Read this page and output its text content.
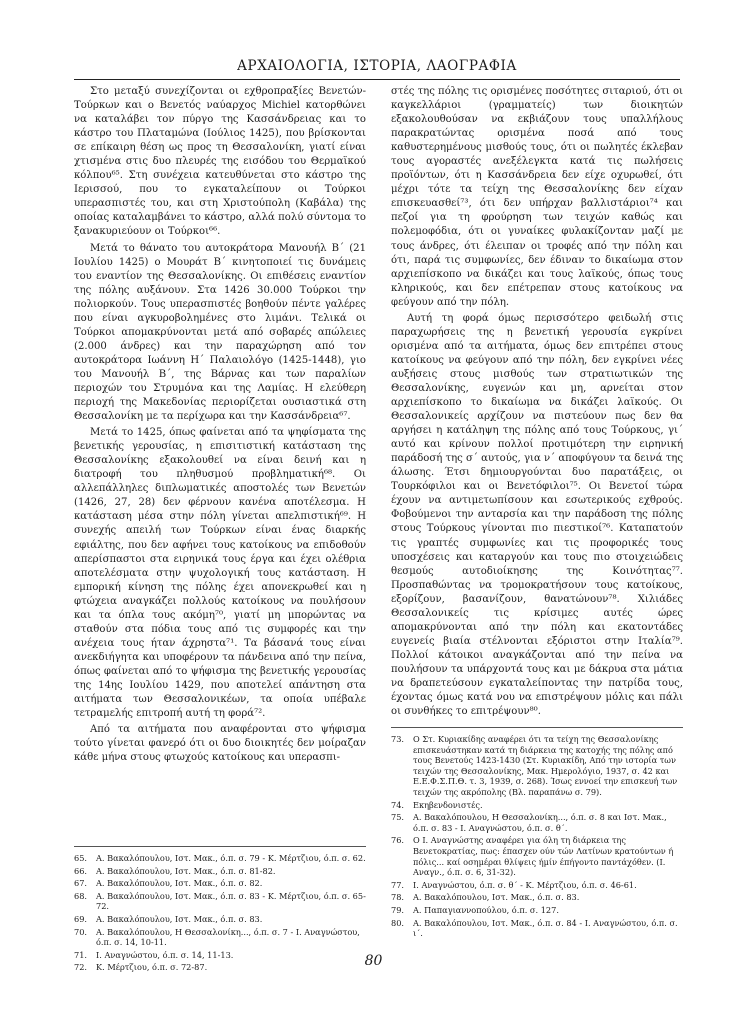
ΑΡΧΑΙΟΛΟΓΙΑ, ΙΣΤΟΡΙΑ, ΛΑΟΓΡΑΦΙΑ

Στο μεταξύ συνεχίζονται οι εχθροπραξίες Βενετών-Τούρκων και ο Βενετός ναύαρχος Michiel κατορθώνει να καταλάβει τον πύργο της Κασσάνδρειας και το κάστρο του Πλαταμώνα (Ιούλιος 1425), που βρίσκονται σε επίκαιρη θέση ως προς τη Θεσσαλονίκη, γιατί είναι χτισμένα στις δυο πλευρές της εισόδου του Θερμαϊκού κόλπου⁶⁵. Στη συνέχεια κατευθύνεται στο κάστρο της Ιερισσού, που το εγκαταλείπουν οι Τούρκοι υπερασπιστές του, και στη Χριστούπολη (Καβάλα) της οποίας καταλαμβάνει το κάστρο, αλλά πολύ σύντομα το ξανακυριεύουν οι Τούρκοι⁶⁶.

Μετά το θάνατο του αυτοκράτορα Μανουήλ Β΄ (21 Ιουλίου 1425) ο Μουράτ Β΄ κινητοποιεί τις δυνάμεις του εναντίον της Θεσσαλονίκης. Οι επιθέσεις εναντίον της πόλης αυξάνουν. Στα 1426 30.000 Τούρκοι την πολιορκούν. Τους υπερασπιστές βοηθούν πέντε γαλέρες που είναι αγκυροβολημένες στο λιμάνι. Τελικά οι Τούρκοι απομακρύνονται μετά από σοβαρές απώλειες (2.000 άνδρες) και την παραχώρηση από τον αυτοκράτορα Ιωάννη Η΄ Παλαιολόγο (1425-1448), γιο του Μανουήλ Β΄, της Βάρνας και των παραλίων περιοχών του Στρυμόνα και της Λαμίας. Η ελεύθερη περιοχή της Μακεδονίας περιορίζεται ουσιαστικά στη Θεσσαλονίκη με τα περίχωρα και την Κασσάνδρεια⁶⁷.

Μετά το 1425, όπως φαίνεται από τα ψηφίσματα της βενετικής γερουσίας, η επισιτιστική κατάσταση της Θεσσαλονίκης εξακολουθεί να είναι δεινή και η διατροφή του πληθυσμού προβληματική⁶⁸. Οι αλλεπάλληλες διπλωματικές αποστολές των Βενετών (1426, 27, 28) δεν φέρνουν κανένα αποτέλεσμα. Η κατάσταση μέσα στην πόλη γίνεται απελπιστική⁶⁹. Η συνεχής απειλή των Τούρκων είναι ένας διαρκής εφιάλτης, που δεν αφήνει τους κατοίκους να επιδοθούν απερίσπαστοι στα ειρηνικά τους έργα και έχει ολέθρια αποτελέσματα στην ψυχολογική τους κατάσταση. Η εμπορική κίνηση της πόλης έχει απονεκρωθεί και η φτώχεια αναγκάζει πολλούς κατοίκους να πουλήσουν και τα όπλα τους ακόμη⁷⁰, γιατί μη μπορώντας να σταθούν στα πόδια τους από τις συμφορές και την ανέχεια τους ήταν άχρηστα⁷¹. Τα βάσανά τους είναι ανεκδιήγητα και υποφέρουν τα πάνδεινα από την πείνα, όπως φαίνεται από το ψήφισμα της βενετικής γερουσίας της 14ης Ιουλίου 1429, που αποτελεί απάντηση στα αιτήματα των Θεσσαλονικέων, τα οποία υπέβαλε τετραμελής επιτροπή αυτή τη φορά⁷².

Από τα αιτήματα που αναφέρονται στο ψήφισμα τούτο γίνεται φανερό ότι οι δυο διοικητές δεν μοίραζαν κάθε μήνα στους φτωχούς κατοίκους και υπερασπι-

65.	Α. Βακαλόπουλου, Ιστ. Μακ., ό.π. σ. 79 - Κ. Μέρτζιου, ό.π. σ. 62.
66.	Α. Βακαλόπουλου, Ιστ. Μακ., ό.π. σ. 81-82.
67.	Α. Βακαλόπουλου, Ιστ. Μακ., ό.π. σ. 82.
68.	Α. Βακαλόπουλου, Ιστ. Μακ., ό.π. σ. 83 - Κ. Μέρτζιου, ό.π. σ. 65-72.
69.	Α. Βακαλόπουλου, Ιστ. Μακ., ό.π. σ. 83.
70.	Α. Βακαλόπουλου, Η Θεσσαλονίκη..., ό.π. σ. 7 - Ι. Αναγνώστου, ό.π. σ. 14, 10-11.
71.	Ι. Αναγνώστου, ό.π. σ. 14, 11-13.
72.	Κ. Μέρτζιου, ό.π. σ. 72-87.

στές της πόλης τις ορισμένες ποσότητες σιταριού, ότι οι καγκελλάριοι (γραμματείς) των διοικητών εξακολουθούσαν να εκβιάζουν τους υπαλλήλους παρακρατώντας ορισμένα ποσά από τους καθυστερημένους μισθούς τους, ότι οι πωλητές έκλεβαν τους αγοραστές ανεξέλεγκτα κατά τις πωλήσεις προϊόντων, ότι η Κασσάνδρεια δεν είχε οχυρωθεί, ότι μέχρι τότε τα τείχη της Θεσσαλονίκης δεν είχαν επισκευασθεί⁷³, ότι δεν υπήρχαν βαλλιστάριοι⁷⁴ και πεζοί για τη φρούρηση των τειχών καθώς και πολεμοφόδια, ότι οι γυναίκες φυλακίζονταν μαζί με τους άνδρες, ότι έλειπαν οι τροφές από την πόλη και ότι, παρά τις συμφωνίες, δεν έδιναν το δικαίωμα στον αρχιεπίσκοπο να δικάζει και τους λαϊκούς, όπως τους κληρικούς, και δεν επέτρεπαν στους κατοίκους να φεύγουν από την πόλη.

Αυτή τη φορά όμως περισσότερο φειδωλή στις παραχωρήσεις της η βενετική γερουσία εγκρίνει ορισμένα από τα αιτήματα, όμως δεν επιτρέπει στους κατοίκους να φεύγουν από την πόλη, δεν εγκρίνει νέες αυξήσεις στους μισθούς των στρατιωτικών της Θεσσαλονίκης, ευγενών και μη, αρνείται στον αρχιεπίσκοπο το δικαίωμα να δικάζει λαϊκούς. Οι Θεσσαλονικείς αρχίζουν να πιστεύουν πως δεν θα αργήσει η κατάληψη της πόλης από τους Τούρκους, γι΄ αυτό και κρίνουν πολλοί προτιμότερη την ειρηνική παράδοσή της σ΄ αυτούς, για ν΄ αποφύγουν τα δεινά της άλωσης. Έτσι δημιουργούνται δυο παρατάξεις, οι Τουρκόφιλοι και οι Βενετόφιλοι⁷⁵. Οι Βενετοί τώρα έχουν να αντιμετωπίσουν και εσωτερικούς εχθρούς. Φοβούμενοι την ανταρσία και την παράδοση της πόλης στους Τούρκους γίνονται πιο πιεστικοί⁷⁶. Καταπατούν τις γραπτές συμφωνίες και τις προφορικές τους υποσχέσεις και καταργούν και τους πιο στοιχειώδεις θεσμούς αυτοδιοίκησης της Κοινότητας⁷⁷. Προσπαθώντας να τρομοκρατήσουν τους κατοίκους, εξορίζουν, βασανίζουν, θανατώνουν⁷⁸. Χιλιάδες Θεσσαλονικείς τις κρίσιμες αυτές ώρες απομακρύνονται από την πόλη και εκατοντάδες ευγενείς βιαία στέλνονται εξόριστοι στην Ιταλία⁷⁹. Πολλοί κάτοικοι αναγκάζονται από την πείνα να πουλήσουν τα υπάρχοντά τους και με δάκρυα στα μάτια να δραπετεύσουν εγκαταλείποντας την πατρίδα τους, έχοντας όμως κατά νου να επιστρέψουν μόλις και πάλι οι συνθήκες το επιτρέψουν⁸⁰.

73.	Ο Στ. Κυριακίδης αναφέρει ότι τα τείχη της Θεσσαλονίκης επισκευάστηκαν κατά τη διάρκεια της κατοχής της πόλης από τους Βενετούς 1423-1430 (Στ. Κυριακίδη, Από την ιστορία των τειχών της Θεσσαλονίκης, Μακ. Ημερολόγιο, 1937, σ. 42 και Ε.Ε.Φ.Σ.Π.Θ. τ. 3, 1939, σ. 268). Ίσως εννοεί την επισκευή των τειχών της ακρόπολης (Βλ. παραπάνω σ. 79).
74.	Εκηβενδονιστές.
75.	Α. Βακαλόπουλου, Η Θεσσαλονίκη..., ό.π. σ. 8 και Ιστ. Μακ., ό.π. σ. 83 - Ι. Αναγνώστου, ό.π. σ. θ΄.
76.	Ο Ι. Αναγνώστης αναφέρει για όλη τη διάρκεια της Βενετοκρατίας, πως: έπασχεν ούν τών Λατίνων κρατούντων ή πόλις... καί οσημέραι θλίψεις ήμίν έπήγοντο παντάχόθεν. (Ι. Αναγν., ό.π. σ. 6, 31-32).
77.	Ι. Αναγνώστου, ό.π. σ. θ΄ - Κ. Μέρτζιου, ό.π. σ. 46-61.
78.	Α. Βακαλόπουλου, Ιστ. Μακ., ό.π. σ. 83.
79.	Α. Παπαγιαννοπούλου, ό.π. σ. 127.
80.	Α. Βακαλόπουλου, Ιστ. Μακ., ό.π. σ. 84 - Ι. Αναγνώστου, ό.π. σ. ι΄.
80
